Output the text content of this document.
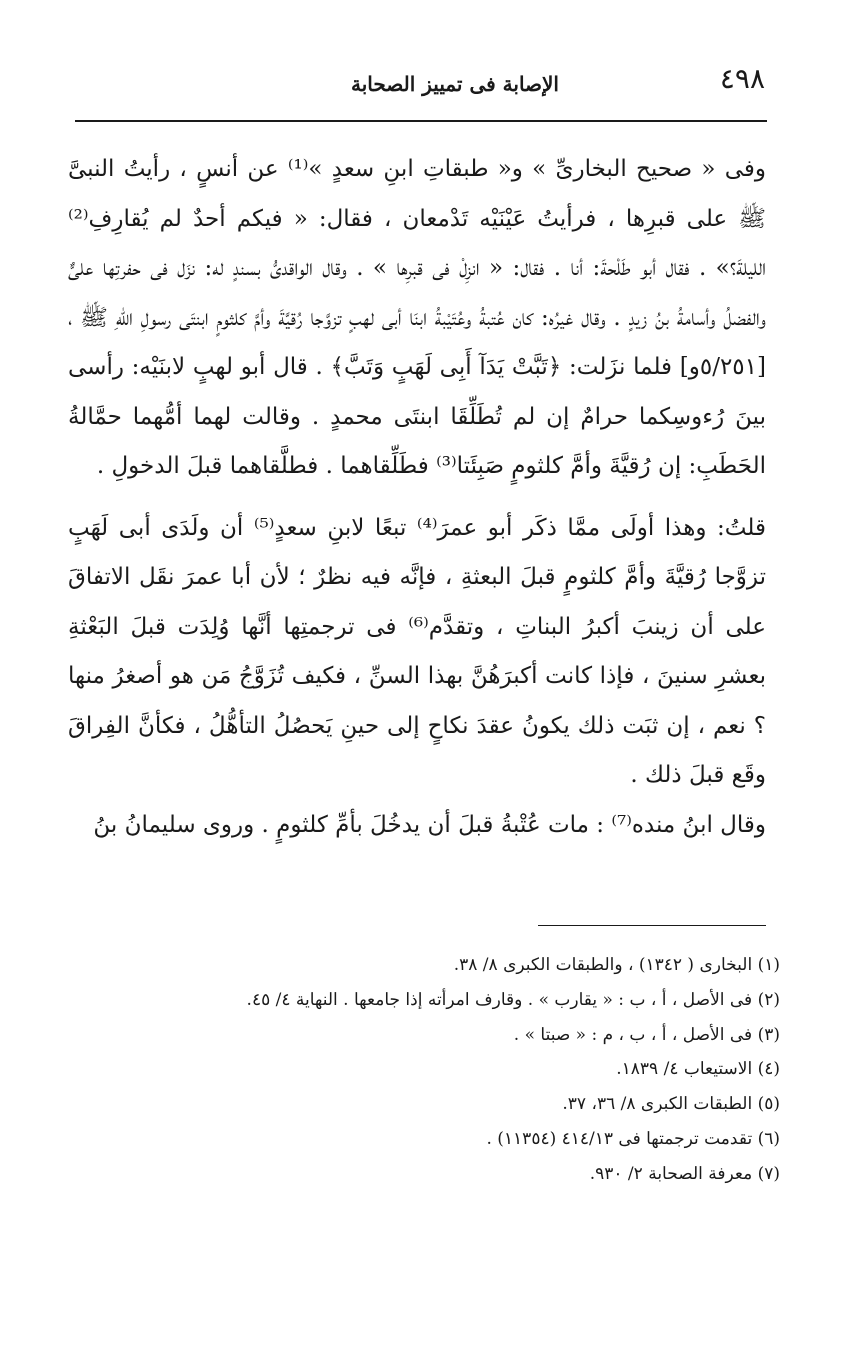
٤٩٨
الإصابة فى تمييز الصحابة

وفى « صحيح البخارىِّ » و« طبقاتِ ابنِ سعدٍ »⁽¹⁾ عن أنسٍ ، رأيتُ النبىَّ ﷺ على قبرِها ، فرأيتُ عَيْنَيْه تَدْمعان ، فقال: « فيكم أحدٌ لم يُقارِفِ⁽²⁾ الليلةَ؟» . فقال أبو طَلْحةَ: أنا . فقال: « انزِلْ فى قبرِها » . وقال الواقدىُّ بسندٍ له: نزَل فى حفرتِها علىٌّ والفضلُ وأسامةُ بنُ زيدٍ . وقال غيرُه: كان عُتبةُ وعُتَيْبةُ ابنَا أبى لهبٍ تزوَّجا رُقيَّةَ وأمَّ كلثومٍ ابنتَى رسولِ اللهِ ﷺ ، [٥/٢٥١و] فلما نزَلت: ﴿تَبَّتْ يَدَآ أَبِى لَهَبٍ وَتَبَّ﴾ . قال أبو لهبٍ لابنَيْه: رأسى بينَ رُءوسِكما حرامٌ إن لم تُطَلِّقَا ابنتَى محمدٍ . وقالت لهما أمُّهما حمَّالةُ الحَطَبِ: إن رُقيَّةَ وأمَّ كلثومٍ صَبِئَتا⁽³⁾ فطَلِّقاهما . فطلَّقاهما قبلَ الدخولِ .

قلتُ: وهذا أولَى ممَّا ذكَر أبو عمرَ⁽⁴⁾ تبعًا لابنِ سعدٍ⁽⁵⁾ أن ولَدَى أبى لَهَبٍ تزوَّجا رُقيَّةَ وأمَّ كلثومٍ قبلَ البعثةِ ، فإنَّه فيه نظرٌ ؛ لأن أبا عمرَ نقَل الاتفاقَ على أن زينبَ أكبرُ البناتِ ، وتقدَّم⁽⁶⁾ فى ترجمتِها أنَّها وُلِدَت قبلَ البَعْثةِ بعشرِ سنينَ ، فإذا كانت أكبرَهُنَّ بهذا السنِّ ، فكيف تُزَوَّجُ مَن هو أصغرُ منها ؟ نعم ، إن ثبَت ذلك يكونُ عقدَ نكاحٍ إلى حينِ يَحصُلُ التأهُّلُ ، فكأنَّ الفِراقَ وقَع قبلَ ذلك .

وقال ابنُ منده⁽⁷⁾ : مات عُتْبةُ قبلَ أن يدخُلَ بأمِّ كلثومٍ . وروى سليمانُ بنُ

(١) البخارى ( ١٣٤٢) ، والطبقات الكبرى ٨/ ٣٨.
(٢) فى الأصل ، أ ، ب : « يقارب » . وقارف امرأته إذا جامعها . النهاية ٤/ ٤٥.
(٣) فى الأصل ، أ ، ب ، م : « صبتا » .
(٤) الاستيعاب ٤/ ١٨٣٩.
(٥) الطبقات الكبرى ٨/ ٣٦، ٣٧.
(٦) تقدمت ترجمتها فى ٤١٤/١٣ (١١٣٥٤) .
(٧) معرفة الصحابة ٢/ ٩٣٠.
